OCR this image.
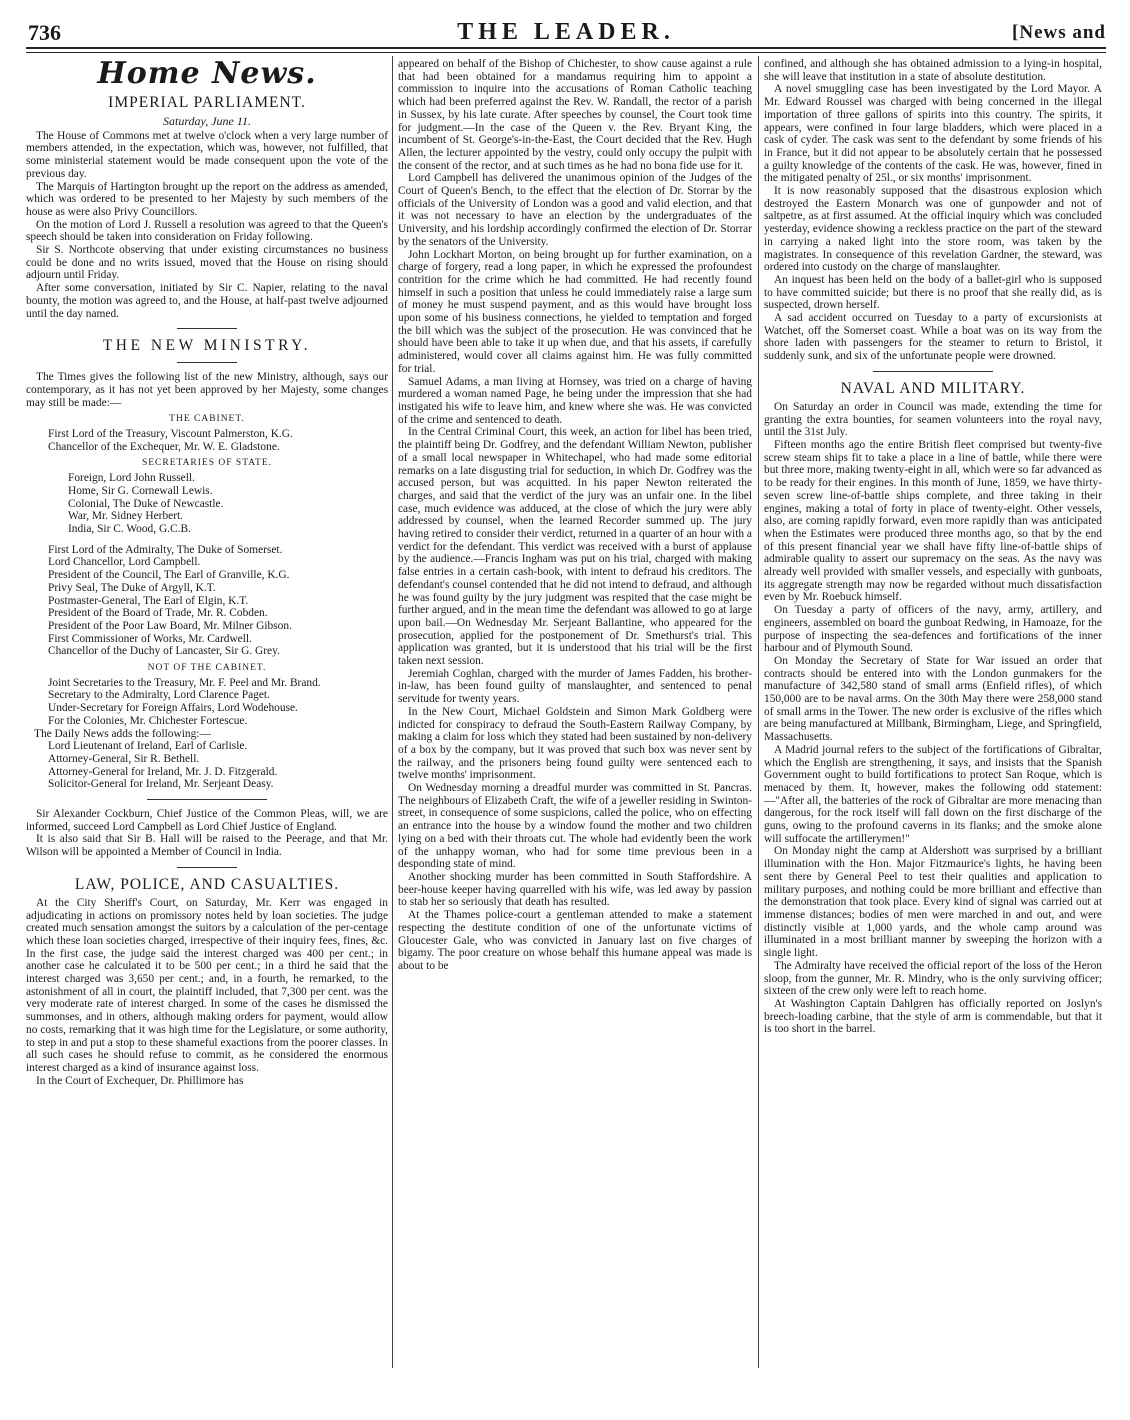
736	THE LEADER.	[News and
Home News.
IMPERIAL PARLIAMENT.
Saturday, June 11.

The House of Commons met at twelve o'clock when a very large number of members attended, in the expectation, which was, however, not fulfilled, that some ministerial statement would be made consequent upon the vote of the previous day.

The Marquis of Hartington brought up the report on the address as amended, which was ordered to be presented to her Majesty by such members of the house as were also Privy Councillors.

On the motion of Lord J. Russell a resolution was agreed to that the Queen's speech should be taken into consideration on Friday following.

Sir S. Northcote observing that under existing circumstances no business could be done and no writs issued, moved that the House on rising should adjourn until Friday.

After some conversation, initiated by Sir C. Napier, relating to the naval bounty, the motion was agreed to, and the House, at half-past twelve adjourned until the day named.

THE NEW MINISTRY.

The Times gives the following list of the new Ministry, although, says our contemporary, as it has not yet been approved by her Majesty, some changes may still be made:—

THE CABINET.

First Lord of the Treasury, Viscount Palmerston, K.G.

Chancellor of the Exchequer, Mr. W. E. Gladstone.

SECRETARIES OF STATE.

Foreign, Lord John Russell.

Home, Sir G. Cornewall Lewis.

Colonial, The Duke of Newcastle.

War, Mr. Sidney Herbert.

India, Sir C. Wood, G.C.B.

First Lord of the Admiralty, The Duke of Somerset.

Lord Chancellor, Lord Campbell.

President of the Council, The Earl of Granville, K.G.

Privy Seal, The Duke of Argyll, K.T.

Postmaster-General, The Earl of Elgin, K.T.

President of the Board of Trade, Mr. R. Cobden.

President of the Poor Law Board, Mr. Milner Gibson.

First Commissioner of Works, Mr. Cardwell.

Chancellor of the Duchy of Lancaster, Sir G. Grey.

NOT OF THE CABINET.

Joint Secretaries to the Treasury, Mr. F. Peel and Mr. Brand.

Secretary to the Admiralty, Lord Clarence Paget.

Under-Secretary for Foreign Affairs, Lord Wodehouse.

For the Colonies, Mr. Chichester Fortescue.

The Daily News adds the following:—

Lord Lieutenant of Ireland, Earl of Carlisle.

Attorney-General, Sir R. Bethell.

Attorney-General for Ireland, Mr. J. D. Fitzgerald.

Solicitor-General for Ireland, Mr. Serjeant Deasy.

Sir Alexander Cockburn, Chief Justice of the Common Pleas, will, we are informed, succeed Lord Campbell as Lord Chief Justice of England.

It is also said that Sir B. Hall will be raised to the Peerage, and that Mr. Wilson will be appointed a Member of Council in India.

LAW, POLICE, AND CASUALTIES.

At the City Sheriff's Court, on Saturday, Mr. Kerr was engaged in adjudicating in actions on promissory notes held by loan societies. The judge created much sensation amongst the suitors by a calculation of the per-centage which these loan societies charged, irrespective of their inquiry fees, fines, &c. In the first case, the judge said the interest charged was 400 per cent.; in another case he calculated it to be 500 per cent.; in a third he said that the interest charged was 3,650 per cent.; and, in a fourth, he remarked, to the astonishment of all in court, the plaintiff included, that 7,300 per cent. was the very moderate rate of interest charged. In some of the cases he dismissed the summonses, and in others, although making orders for payment, would allow no costs, remarking that it was high time for the Legislature, or some authority, to step in and put a stop to these shameful exactions from the poorer classes. In all such cases he should refuse to commit, as he considered the enormous interest charged as a kind of insurance against loss.

In the Court of Exchequer, Dr. Phillimore has

appeared on behalf of the Bishop of Chichester, to show cause against a rule that had been obtained for a mandamus requiring him to appoint a commission to inquire into the accusations of Roman Catholic teaching which had been preferred against the Rev. W. Randall, the rector of a parish in Sussex, by his late curate. After speeches by counsel, the Court took time for judgment.—In the case of the Queen v. the Rev. Bryant King, the incumbent of St. George's-in-the-East, the Court decided that the Rev. Hugh Allen, the lecturer appointed by the vestry, could only occupy the pulpit with the consent of the rector, and at such times as he had no bona fide use for it.

Lord Campbell has delivered the unanimous opinion of the Judges of the Court of Queen's Bench, to the effect that the election of Dr. Storrar by the officials of the University of London was a good and valid election, and that it was not necessary to have an election by the undergraduates of the University, and his lordship accordingly confirmed the election of Dr. Storrar by the senators of the University.

John Lockhart Morton, on being brought up for further examination, on a charge of forgery, read a long paper, in which he expressed the profoundest contrition for the crime which he had committed. He had recently found himself in such a position that unless he could immediately raise a large sum of money he must suspend payment, and as this would have brought loss upon some of his business connections, he yielded to temptation and forged the bill which was the subject of the prosecution. He was convinced that he should have been able to take it up when due, and that his assets, if carefully administered, would cover all claims against him. He was fully committed for trial.

Samuel Adams, a man living at Hornsey, was tried on a charge of having murdered a woman named Page, he being under the impression that she had instigated his wife to leave him, and knew where she was. He was convicted of the crime and sentenced to death.

In the Central Criminal Court, this week, an action for libel has been tried, the plaintiff being Dr. Godfrey, and the defendant William Newton, publisher of a small local newspaper in Whitechapel, who had made some editorial remarks on a late disgusting trial for seduction, in which Dr. Godfrey was the accused person, but was acquitted. In his paper Newton reiterated the charges, and said that the verdict of the jury was an unfair one. In the libel case, much evidence was adduced, at the close of which the jury were ably addressed by counsel, when the learned Recorder summed up. The jury having retired to consider their verdict, returned in a quarter of an hour with a verdict for the defendant. This verdict was received with a burst of applause by the audience.—Francis Ingham was put on his trial, charged with making false entries in a certain cash-book, with intent to defraud his creditors. The defendant's counsel contended that he did not intend to defraud, and although he was found guilty by the jury judgment was respited that the case might be further argued, and in the mean time the defendant was allowed to go at large upon bail.—On Wednesday Mr. Serjeant Ballantine, who appeared for the prosecution, applied for the postponement of Dr. Smethurst's trial. This application was granted, but it is understood that his trial will be the first taken next session.

Jeremiah Coghlan, charged with the murder of James Fadden, his brother-in-law, has been found guilty of manslaughter, and sentenced to penal servitude for twenty years.

In the New Court, Michael Goldstein and Simon Mark Goldberg were indicted for conspiracy to defraud the South-Eastern Railway Company, by making a claim for loss which they stated had been sustained by non-delivery of a box by the company, but it was proved that such box was never sent by the railway, and the prisoners being found guilty were sentenced each to twelve months' imprisonment.

On Wednesday morning a dreadful murder was committed in St. Pancras. The neighbours of Elizabeth Craft, the wife of a jeweller residing in Swinton-street, in consequence of some suspicions, called the police, who on effecting an entrance into the house by a window found the mother and two children lying on a bed with their throats cut. The whole had evidently been the work of the unhappy woman, who had for some time previous been in a desponding state of mind.

Another shocking murder has been committed in South Staffordshire. A beer-house keeper having quarrelled with his wife, was led away by passion to stab her so seriously that death has resulted.

At the Thames police-court a gentleman attended to make a statement respecting the destitute condition of one of the unfortunate victims of Gloucester Gale, who was convicted in January last on five charges of bigamy. The poor creature on whose behalf this humane appeal was made is about to be

confined, and although she has obtained admission to a lying-in hospital, she will leave that institution in a state of absolute destitution.

A novel smuggling case has been investigated by the Lord Mayor. A Mr. Edward Roussel was charged with being concerned in the illegal importation of three gallons of spirits into this country. The spirits, it appears, were confined in four large bladders, which were placed in a cask of cyder. The cask was sent to the defendant by some friends of his in France, but it did not appear to be absolutely certain that he possessed a guilty knowledge of the contents of the cask. He was, however, fined in the mitigated penalty of 25l., or six months' imprisonment.

It is now reasonably supposed that the disastrous explosion which destroyed the Eastern Monarch was one of gunpowder and not of saltpetre, as at first assumed. At the official inquiry which was concluded yesterday, evidence showing a reckless practice on the part of the steward in carrying a naked light into the store room, was taken by the magistrates. In consequence of this revelation Gardner, the steward, was ordered into custody on the charge of manslaughter.

An inquest has been held on the body of a ballet-girl who is supposed to have committed suicide; but there is no proof that she really did, as is suspected, drown herself.

A sad accident occurred on Tuesday to a party of excursionists at Watchet, off the Somerset coast. While a boat was on its way from the shore laden with passengers for the steamer to return to Bristol, it suddenly sunk, and six of the unfortunate people were drowned.

NAVAL AND MILITARY.

On Saturday an order in Council was made, extending the time for granting the extra bounties, for seamen volunteers into the royal navy, until the 31st July.

Fifteen months ago the entire British fleet comprised but twenty-five screw steam ships fit to take a place in a line of battle, while there were but three more, making twenty-eight in all, which were so far advanced as to be ready for their engines. In this month of June, 1859, we have thirty-seven screw line-of-battle ships complete, and three taking in their engines, making a total of forty in place of twenty-eight. Other vessels, also, are coming rapidly forward, even more rapidly than was anticipated when the Estimates were produced three months ago, so that by the end of this present financial year we shall have fifty line-of-battle ships of admirable quality to assert our supremacy on the seas. As the navy was already well provided with smaller vessels, and especially with gunboats, its aggregate strength may now be regarded without much dissatisfaction even by Mr. Roebuck himself.

On Tuesday a party of officers of the navy, army, artillery, and engineers, assembled on board the gunboat Redwing, in Hamoaze, for the purpose of inspecting the sea-defences and fortifications of the inner harbour and of Plymouth Sound.

On Monday the Secretary of State for War issued an order that contracts should be entered into with the London gunmakers for the manufacture of 342,580 stand of small arms (Enfield rifles), of which 150,000 are to be naval arms. On the 30th May there were 258,000 stand of small arms in the Tower. The new order is exclusive of the rifles which are being manufactured at Millbank, Birmingham, Liege, and Springfield, Massachusetts.

A Madrid journal refers to the subject of the fortifications of Gibraltar, which the English are strengthening, it says, and insists that the Spanish Government ought to build fortifications to protect San Roque, which is menaced by them. It, however, makes the following odd statement:—"After all, the batteries of the rock of Gibraltar are more menacing than dangerous, for the rock itself will fall down on the first discharge of the guns, owing to the profound caverns in its flanks; and the smoke alone will suffocate the artillerymen!"

On Monday night the camp at Aldershott was surprised by a brilliant illumination with the Hon. Major Fitzmaurice's lights, he having been sent there by General Peel to test their qualities and application to military purposes, and nothing could be more brilliant and effective than the demonstration that took place. Every kind of signal was carried out at immense distances; bodies of men were marched in and out, and were distinctly visible at 1,000 yards, and the whole camp around was illuminated in a most brilliant manner by sweeping the horizon with a single light.

The Admiralty have received the official report of the loss of the Heron sloop, from the gunner, Mr. R. Mindry, who is the only surviving officer; sixteen of the crew only were left to reach home.

At Washington Captain Dahlgren has officially reported on Joslyn's breech-loading carbine, that the style of arm is commendable, but that it is too short in the barrel.
